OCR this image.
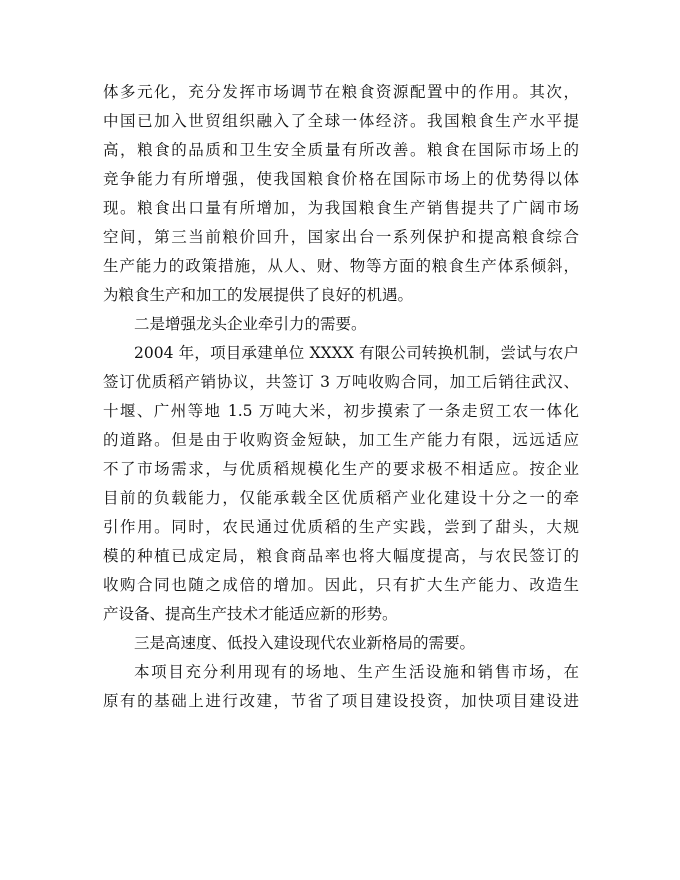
体多元化，充分发挥市场调节在粮食资源配置中的作用。其次，
中国已加入世贸组织融入了全球一体经济。我国粮食生产水平提
高，粮食的品质和卫生安全质量有所改善。粮食在国际市场上的
竞争能力有所增强，使我国粮食价格在国际市场上的优势得以体
现。粮食出口量有所增加，为我国粮食生产销售提共了广阔市场
空间，第三当前粮价回升，国家出台一系列保护和提高粮食综合
生产能力的政策措施，从人、财、物等方面的粮食生产体系倾斜，
为粮食生产和加工的发展提供了良好的机遇。
二是增强龙头企业牵引力的需要。
2004 年，项目承建单位 XXXX 有限公司转换机制，尝试与农户
签订优质稻产销协议，共签订 3 万吨收购合同，加工后销往武汉、
十堰、广州等地 1.5 万吨大米，初步摸索了一条走贸工农一体化
的道路。但是由于收购资金短缺，加工生产能力有限，远远适应
不了市场需求，与优质稻规模化生产的要求极不相适应。按企业
目前的负载能力，仅能承载全区优质稻产业化建设十分之一的牵
引作用。同时，农民通过优质稻的生产实践，尝到了甜头，大规
模的种植已成定局，粮食商品率也将大幅度提高，与农民签订的
收购合同也随之成倍的增加。因此，只有扩大生产能力、改造生
产设备、提高生产技术才能适应新的形势。
三是高速度、低投入建设现代农业新格局的需要。
本项目充分利用现有的场地、生产生活设施和销售市场，在
原有的基础上进行改建，节省了项目建设投资，加快项目建设进
